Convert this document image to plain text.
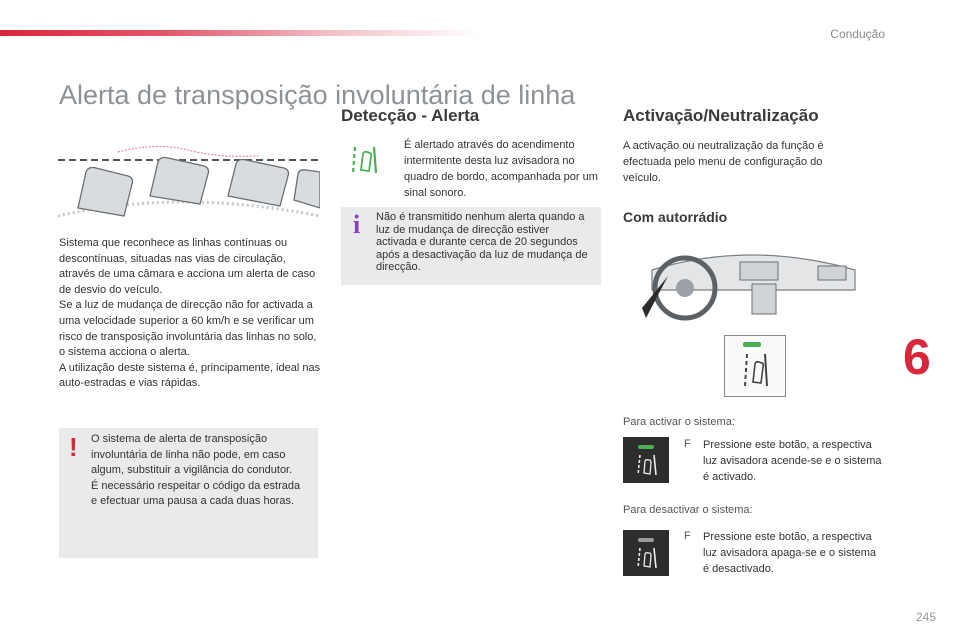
Condução
6
245
Alerta de transposição involuntária de linha

Sistema que reconhece as linhas contínuas ou descontínuas, situadas nas vias de circulação, através de uma câmara e acciona um alerta de caso de desvio do veículo.

Se a luz de mudança de direcção não for activada a uma velocidade superior a 60 km/h e se verificar um risco de transposição involuntária das linhas no solo, o sistema acciona o alerta.

A utilização deste sistema é, principamente, ideal nas auto-estradas e vias rápidas.

! O sistema de alerta de transposição involuntária de linha não pode, em caso algum, substituir a vigilância do condutor.

É necessário respeitar o código da estrada e efectuar uma pausa a cada duas horas.

Detecção - Alerta
É alertado através do acendimento intermitente desta luz avisadora no quadro de bordo, acompanhada por um sinal sonoro.
i Não é transmitido nenhum alerta quando a luz de mudança de direcção estiver activada e durante cerca de 20 segundos após a desactivação da luz de mudança de direcção.
Activação/Neutralização
A activação ou neutralização da função é efectuada pelo menu de configuração do veículo.
Com autorrádio
Para activar o sistema:
F Pressione este botão, a respectiva luz avisadora acende-se e o sistema é activado.
Para desactivar o sistema:
F Pressione este botão, a respectiva luz avisadora apaga-se e o sistema é desactivado.
